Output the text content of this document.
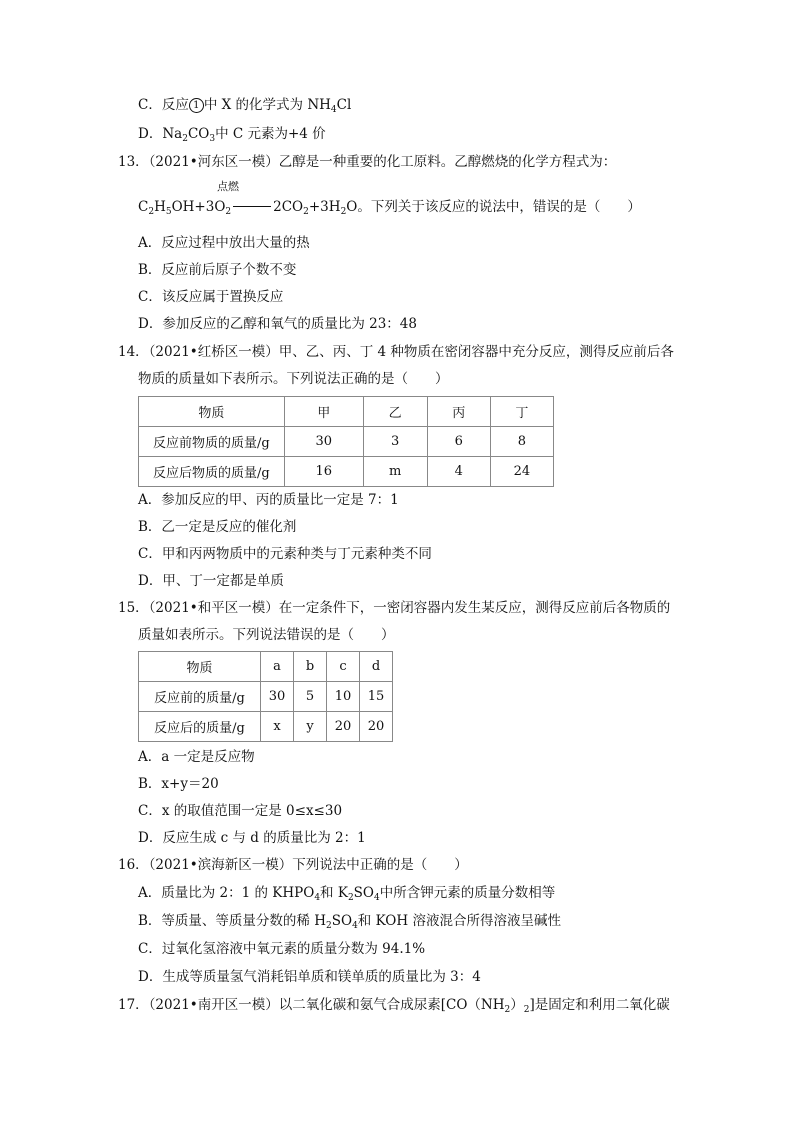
C．反应 1 中 X 的化学式为 $NH_4Cl$
D．$Na_2CO_3$中 C 元素为+4 价
13．（2021•河东区一模）乙醇是一种重要的化工原料。乙醇燃烧的化学方程式为：
点燃
$C_2H_5OH+3O_2$	$2CO_2+3H_2O$。下列关于该反应的说法中，错误的是（　　）
A．反应过程中放出大量的热
B．反应前后原子个数不变
C．该反应属于置换反应
D．参加反应的乙醇和氧气的质量比为 23：48
14．（2021•红桥区一模）甲、乙、丙、丁 4 种物质在密闭容器中充分反应，测得反应前后各
物质的质量如下表所示。下列说法正确的是（　　）
物质	甲	乙	丙	丁
反应前物质的质量/g	30	3	6	8
反应后物质的质量/g	16	m	4	24
A．参加反应的甲、丙的质量比一定是 7：1
B．乙一定是反应的催化剂
C．甲和丙两物质中的元素种类与丁元素种类不同
D．甲、丁一定都是单质
15．（2021•和平区一模）在一定条件下，一密闭容器内发生某反应，测得反应前后各物质的
质量如表所示。下列说法错误的是（　　）
物质	a	b	c	d
反应前的质量/g	30	5	10	15
反应后的质量/g	x	y	20	20
A．a 一定是反应物
B．x+y＝20
C．x 的取值范围一定是 0≤x≤30
D．反应生成 c 与 d 的质量比为 2：1
16．（2021•滨海新区一模）下列说法中正确的是（　　）
A．质量比为 2：1 的 $KHPO_4$和 $K_2SO_4$中所含钾元素的质量分数相等
B．等质量、等质量分数的稀 $H_2SO_4$和 KOH 溶液混合所得溶液呈碱性
C．过氧化氢溶液中氧元素的质量分数为 94.1%
D．生成等质量氢气消耗铝单质和镁单质的质量比为 3：4
17．（2021•南开区一模）以二氧化碳和氨气合成尿素$[CO(NH_2)_2]$是固定和利用二氧化碳
